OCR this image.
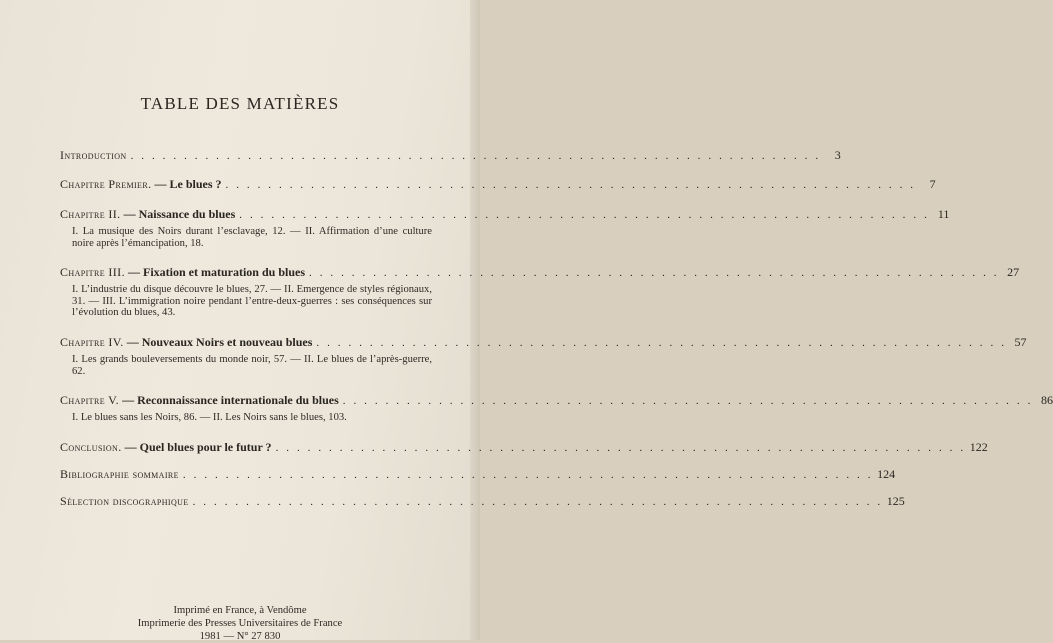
TABLE DES MATIÈRES
Introduction . . . . . . . . . . . . . . . . . . . . . . . . . . . . . . . . . . . . . . . . . . . . . . . . . . . . . . . . . . . . . . . . .	3
Chapitre Premier. — Le blues ? . . . . . . . . . . . . . . . . . . . . . . . . . . . . . . . . . . . . . . . . . . . . . . . . . . . . . . . . . . . . . . . . .	7
Chapitre II. — Naissance du blues . . . . . . . . . . . . . . . . . . . . . . . . . . . . . . . . . . . . . . . . . . . . . . . . . . . . . . . . . . . . . . . . . 11
I. La musique des Noirs durant l’esclavage, 12. — II. Affirmation d’une culture noire après l’émancipation, 18.
Chapitre III. — Fixation et maturation du blues . . . . . . . . . . . . . . . . . . . . . . . . . . . . . . . . . . . . . . . . . . . . . . . . . . . . . . . . . . . . . . . . . 27
I. L’industrie du disque découvre le blues, 27. — II. Emergence de styles régionaux, 31. — III. L’immigration noire pendant l’entre-deux-guerres : ses conséquences sur l’évolution du blues, 43.
Chapitre IV. — Nouveaux Noirs et nouveau blues . . . . . . . . . . . . . . . . . . . . . . . . . . . . . . . . . . . . . . . . . . . . . . . . . . . . . . . . . . . . . . . . . 57
I. Les grands bouleversements du monde noir, 57. — II. Le blues de l’après-guerre, 62.
Chapitre V. — Reconnaissance internationale du blues . . . . . . . . . . . . . . . . . . . . . . . . . . . . . . . . . . . . . . . . . . . . . . . . . . . . . . . . . . . . . . . . . 86
I. Le blues sans les Noirs, 86. — II. Les Noirs sans le blues, 103.
Conclusion. — Quel blues pour le futur ? . . . . . . . . . . . . . . . . . . . . . . . . . . . . . . . . . . . . . . . . . . . . . . . . . . . . . . . . . . . . . . . . . 122
Bibliographie sommaire . . . . . . . . . . . . . . . . . . . . . . . . . . . . . . . . . . . . . . . . . . . . . . . . . . . . . . . . . . . . . . . . . 124
Sélection discographique . . . . . . . . . . . . . . . . . . . . . . . . . . . . . . . . . . . . . . . . . . . . . . . . . . . . . . . . . . . . . . . . . 125
Imprimé en France, à Vendôme
Imprimerie des Presses Universitaires de France
1981 — N° 27 830
